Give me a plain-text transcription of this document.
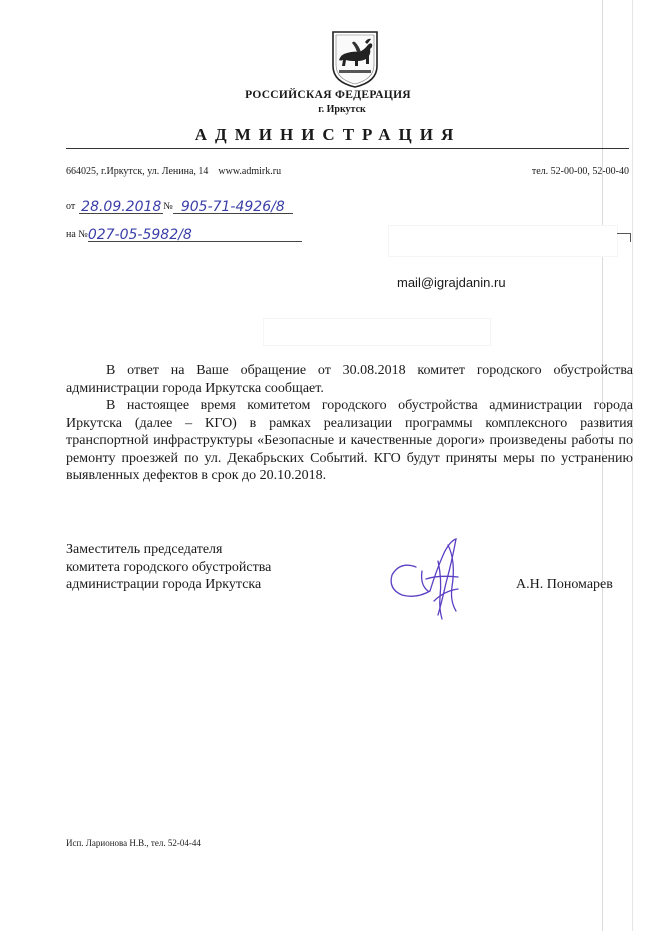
РОССИЙСКАЯ ФЕДЕРАЦИЯ
г. Иркутск
АДМИНИСТРАЦИЯ
664025, г.Иркутск, ул. Ленина, 14 www.admirk.ru	тел. 52-00-00, 52-00-40
от 28.09.2018 № 905-71-4926/8
на №027-05-5982/8
mail@igrajdanin.ru

В ответ на Ваше обращение от 30.08.2018 комитет городского обустройства администрации города Иркутска сообщает.

В настоящее время комитетом городского обустройства администрации города Иркутска (далее – КГО) в рамках реализации программы комплексного развития транспортной инфраструктуры «Безопасные и качественные дороги» произведены работы по ремонту проезжей по ул. Декабрьских Событий. КГО будут приняты меры по устранению выявленных дефектов в срок до 20.10.2018.

Заместитель председателя
комитета городского обустройства
администрации города Иркутска	А.Н. Пономарев
Исп. Ларионова Н.В., тел. 52-04-44
